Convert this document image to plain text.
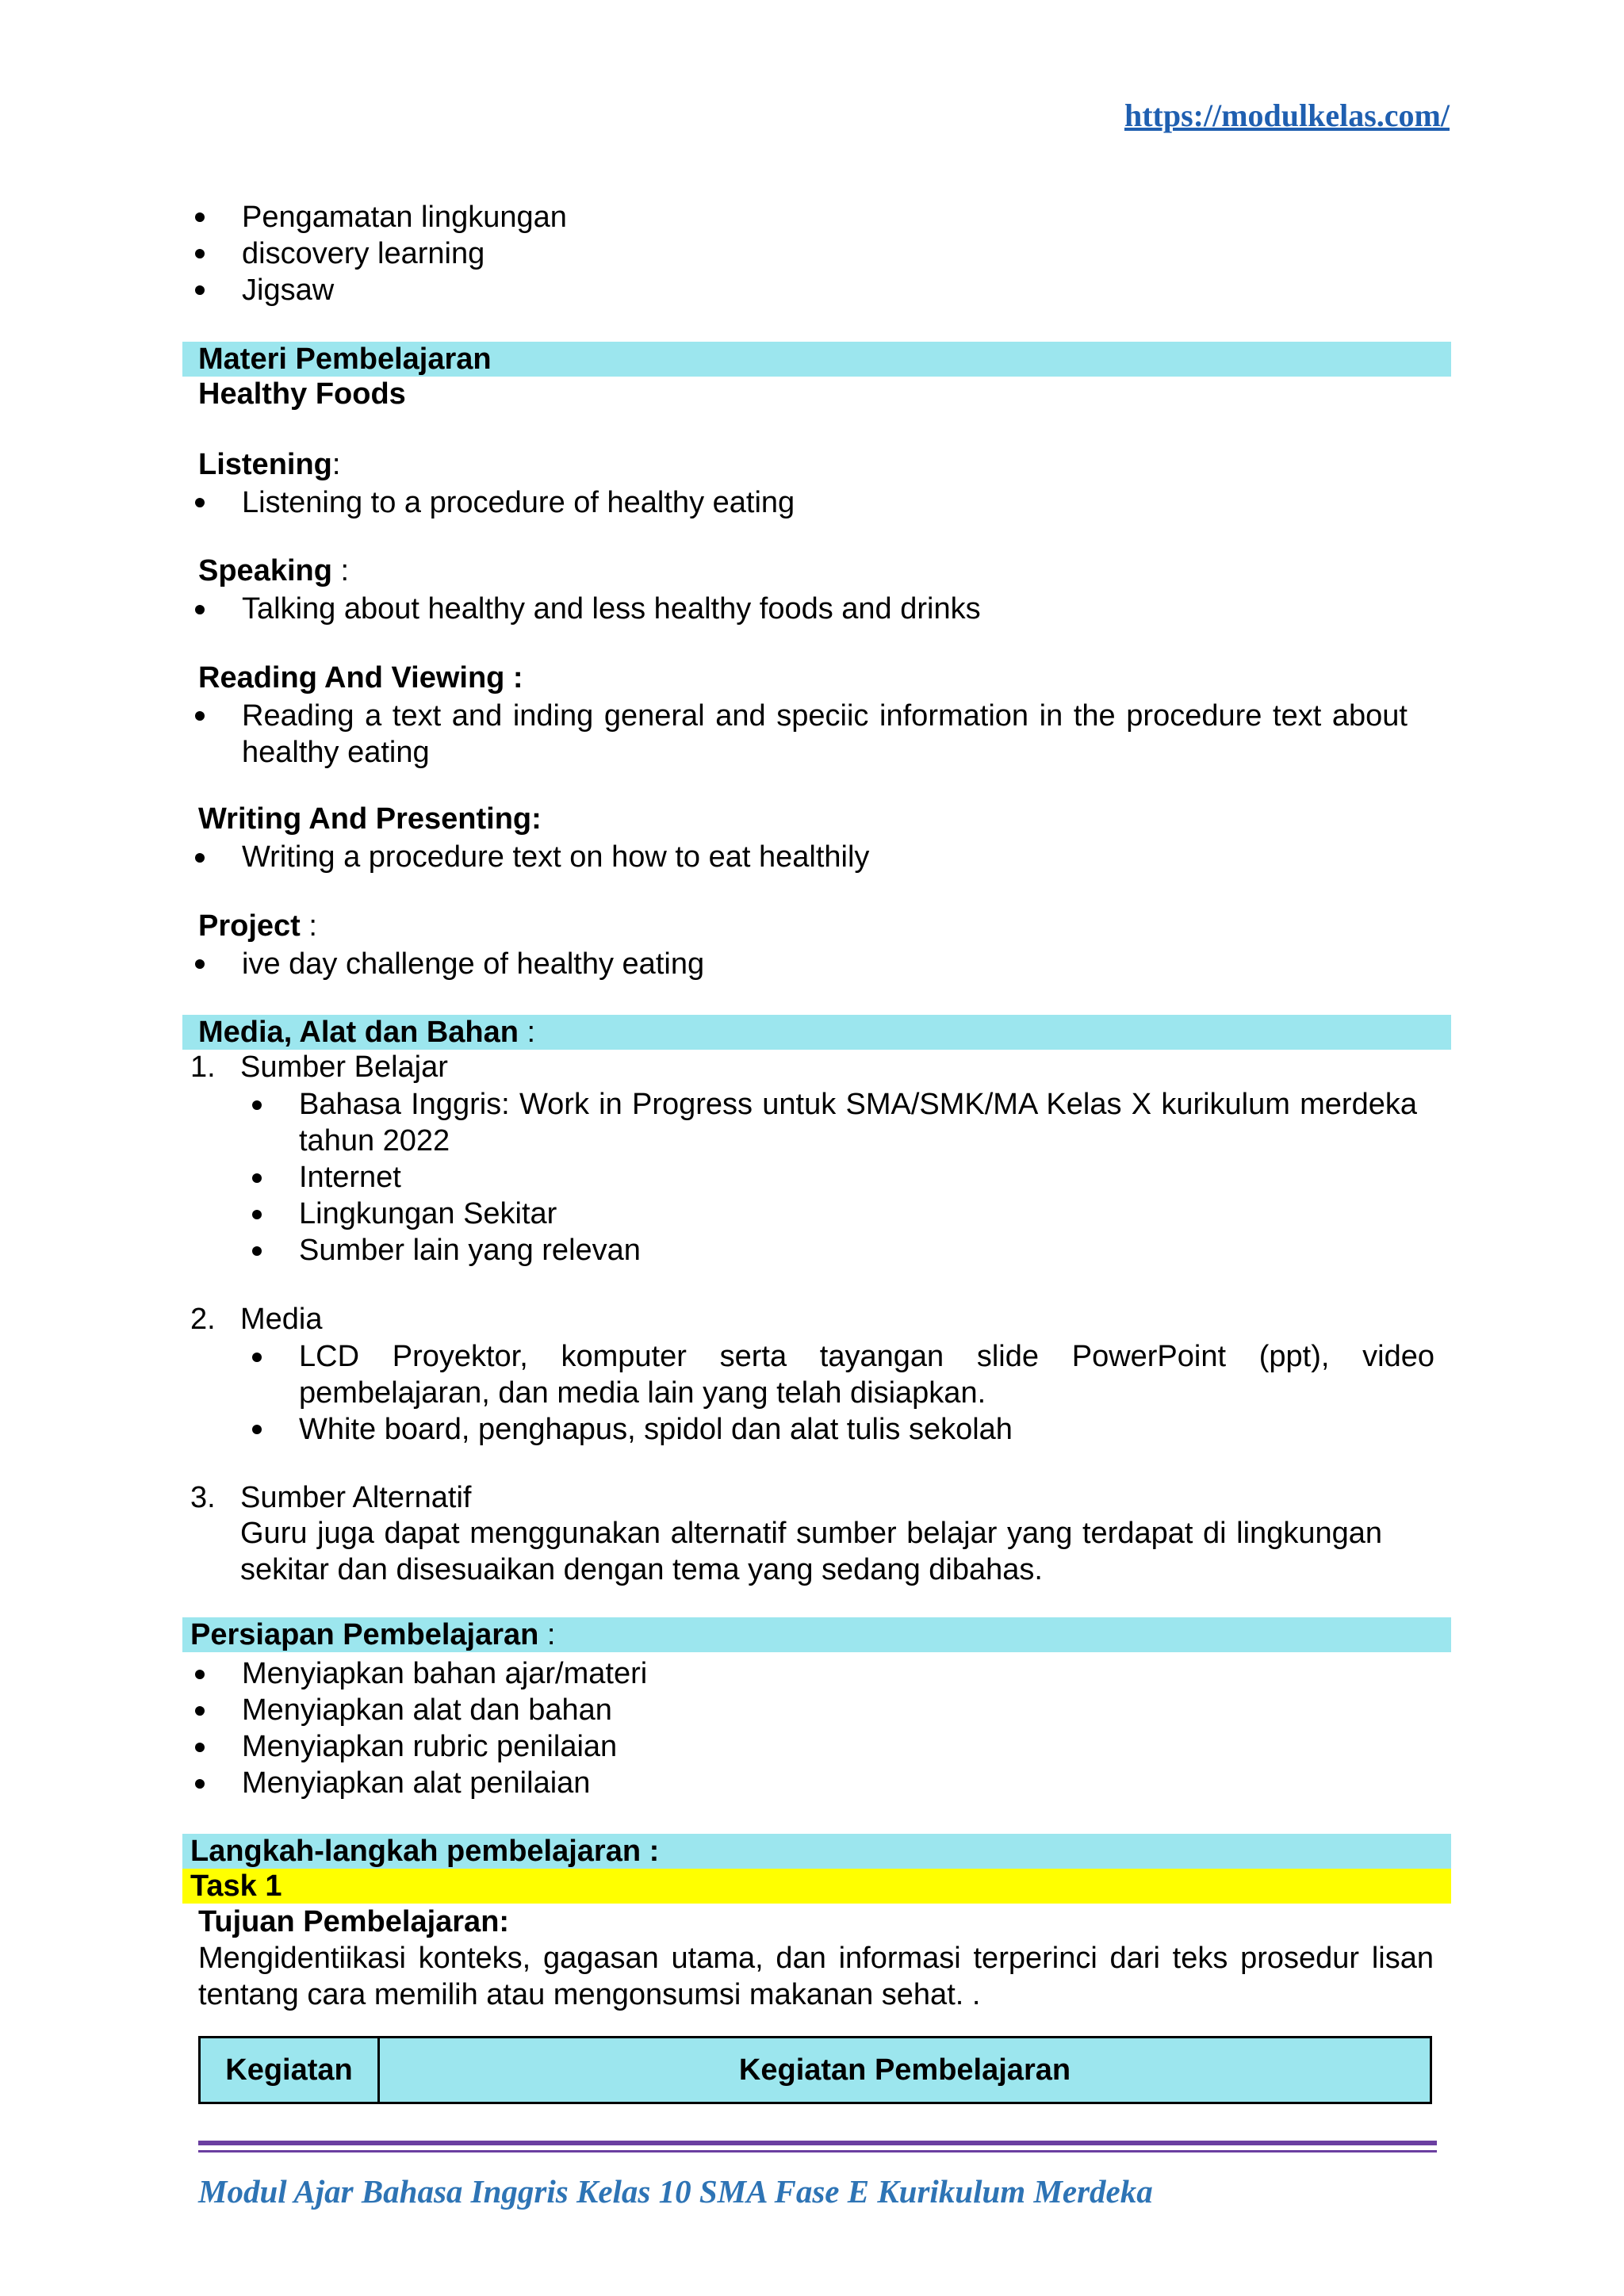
https://modulkelas.com/
Pengamatan lingkungan
discovery learning
Jigsaw
Materi Pembelajaran
Healthy Foods
Listening:
Listening to a procedure of healthy eating
Speaking :
Talking about healthy and less healthy foods and drinks
Reading And Viewing :
Reading a text and inding general and speciic information in the procedure text about healthy eating
Writing And Presenting:
Writing a procedure text on how to eat healthily
Project :
ive day challenge of healthy eating
Media, Alat dan Bahan :
1. Sumber Belajar
Bahasa Inggris: Work in Progress untuk SMA/SMK/MA Kelas X kurikulum merdeka tahun 2022
Internet
Lingkungan Sekitar
Sumber lain yang relevan
2. Media
LCD Proyektor, komputer serta tayangan slide PowerPoint (ppt), video pembelajaran, dan media lain yang telah disiapkan.
White board, penghapus, spidol dan alat tulis sekolah
3. Sumber Alternatif
Guru juga dapat menggunakan alternatif sumber belajar yang terdapat di lingkungan sekitar dan disesuaikan dengan tema yang sedang dibahas.
Persiapan Pembelajaran :
Menyiapkan bahan ajar/materi
Menyiapkan alat dan bahan
Menyiapkan rubric penilaian
Menyiapkan alat penilaian
Langkah-langkah pembelajaran :
Task 1
Tujuan Pembelajaran:
Mengidentiikasi konteks, gagasan utama, dan informasi terperinci dari teks prosedur lisan tentang cara memilih atau mengonsumsi makanan sehat. .
Kegiatan	Kegiatan Pembelajaran
Modul Ajar Bahasa Inggris Kelas 10 SMA Fase E Kurikulum Merdeka
